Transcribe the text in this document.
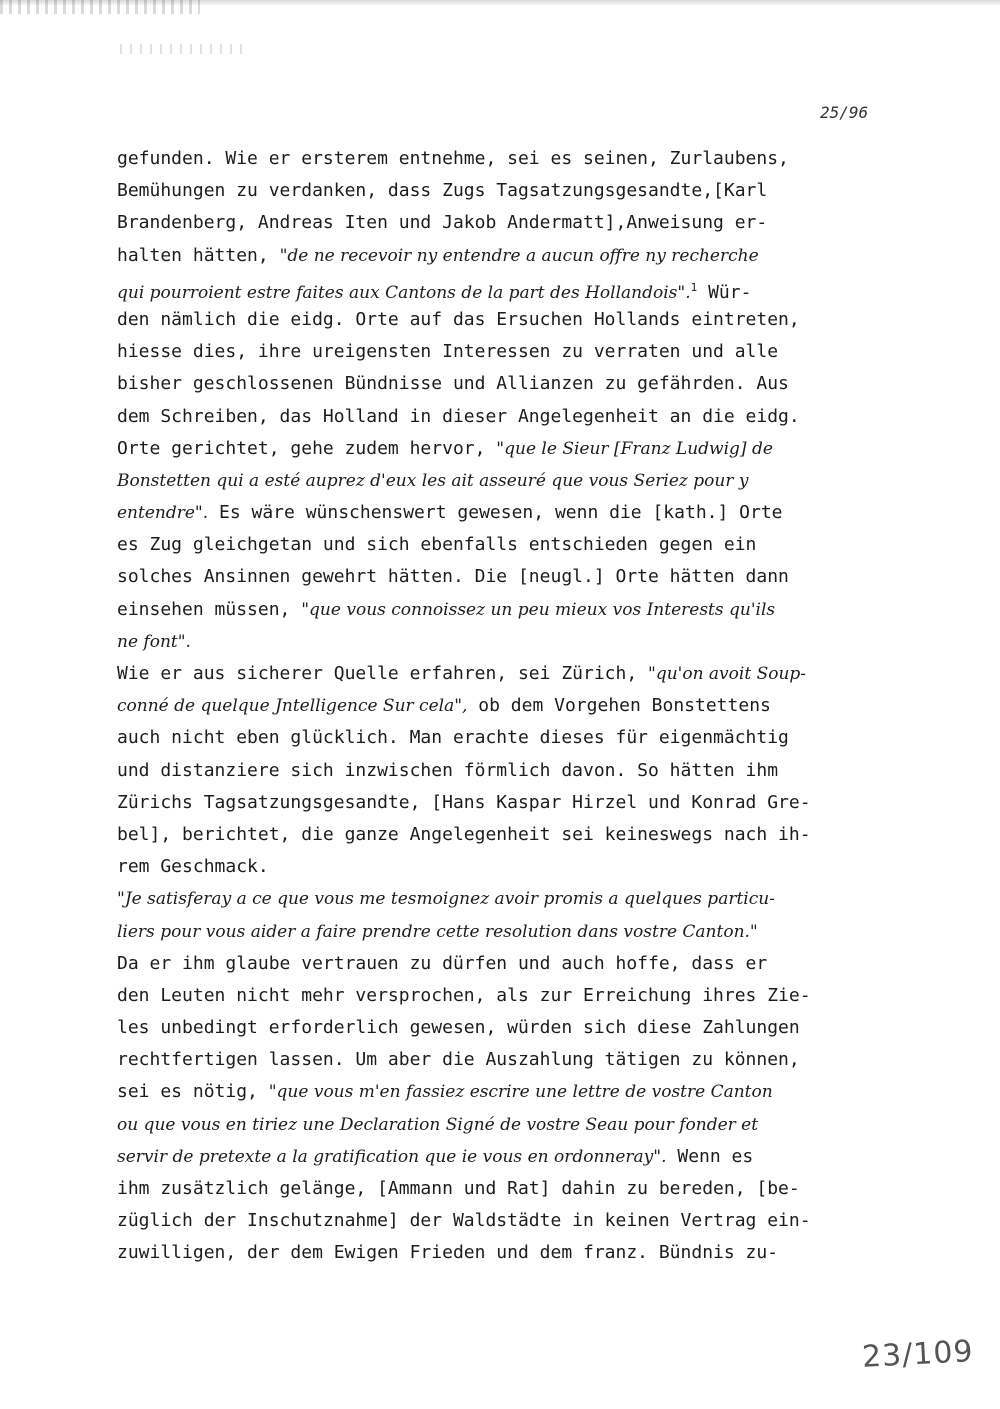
25/96
gefunden. Wie er ersterem entnehme, sei es seinen, Zurlaubens,
Bemühungen zu verdanken, dass Zugs Tagsatzungsgesandte,[Karl
Brandenberg, Andreas Iten und Jakob Andermatt],Anweisung er-
halten hätten, "de ne recevoir ny entendre a aucun offre ny recherche
qui pourroient estre faites aux Cantons de la part des Hollandois".$^1$ Wür-
den nämlich die eidg. Orte auf das Ersuchen Hollands eintreten,
hiesse dies, ihre ureigensten Interessen zu verraten und alle
bisher geschlossenen Bündnisse und Allianzen zu gefährden. Aus
dem Schreiben, das Holland in dieser Angelegenheit an die eidg.
Orte gerichtet, gehe zudem hervor, "que le Sieur [Franz Ludwig] de
Bonstetten qui a esté auprez d'eux les ait asseuré que vous Seriez pour y
entendre". Es wäre wünschenswert gewesen, wenn die [kath.] Orte
es Zug gleichgetan und sich ebenfalls entschieden gegen ein
solches Ansinnen gewehrt hätten. Die [neugl.] Orte hätten dann
einsehen müssen, "que vous connoissez un peu mieux vos Interests qu'ils
ne font".
Wie er aus sicherer Quelle erfahren, sei Zürich, "qu'on avoit Soup-
conné de quelque Jntelligence Sur cela", ob dem Vorgehen Bonstettens
auch nicht eben glücklich. Man erachte dieses für eigenmächtig
und distanziere sich inzwischen förmlich davon. So hätten ihm
Zürichs Tagsatzungsgesandte, [Hans Kaspar Hirzel und Konrad Gre-
bel], berichtet, die ganze Angelegenheit sei keineswegs nach ih-
rem Geschmack.
"Je satisferay a ce que vous me tesmoignez avoir promis a quelques particu-
liers pour vous aider a faire prendre cette resolution dans vostre Canton."
Da er ihm glaube vertrauen zu dürfen und auch hoffe, dass er
den Leuten nicht mehr versprochen, als zur Erreichung ihres Zie-
les unbedingt erforderlich gewesen, würden sich diese Zahlungen
rechtfertigen lassen. Um aber die Auszahlung tätigen zu können,
sei es nötig, "que vous m'en fassiez escrire une lettre de vostre Canton
ou que vous en tiriez une Declaration Signé de vostre Seau pour fonder et
servir de pretexte a la gratification que ie vous en ordonneray". Wenn es
ihm zusätzlich gelänge, [Ammann und Rat] dahin zu bereden, [be-
züglich der Inschutznahme] der Waldstädte in keinen Vertrag ein-
zuwilligen, der dem Ewigen Frieden und dem franz. Bündnis zu-
23/109
